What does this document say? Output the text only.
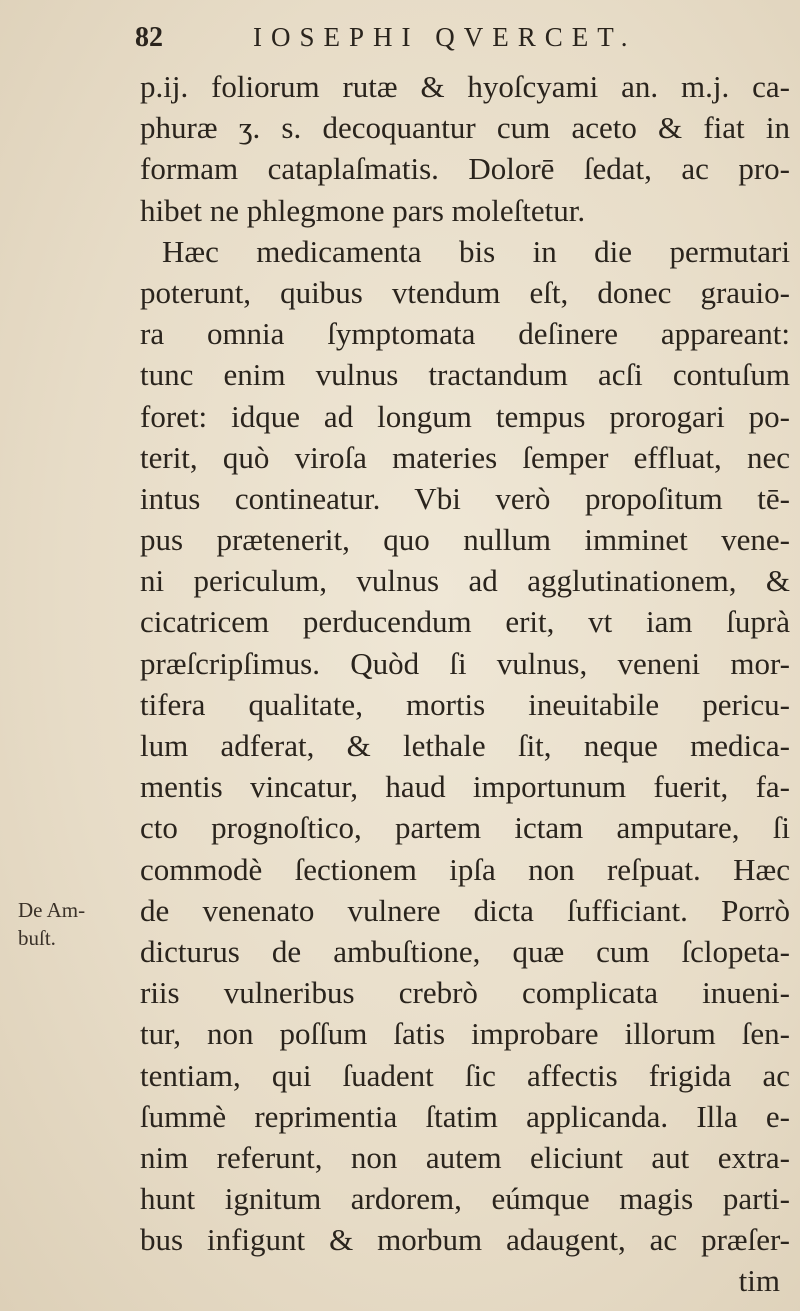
82	IOSEPHI QVERCET.
De Am-
buſt.
p.ij. foliorum rutæ & hyoſcyami an. m.j. ca-
phuræ ʒ. s. decoquantur cum aceto & fiat in
formam cataplaſmatis. Dolorē ſedat, ac pro-
hibet ne phlegmone pars moleſtetur.
Hæc medicamenta bis in die permutari
poterunt, quibus vtendum eſt, donec grauio-
ra omnia ſymptomata deſinere appareant:
tunc enim vulnus tractandum acſi contuſum
foret: idque ad longum tempus prorogari po-
terit, quò viroſa materies ſemper effluat, nec
intus contineatur. Vbi verò propoſitum tē-
pus prætenerit, quo nullum imminet vene-
ni periculum, vulnus ad agglutinationem, &
cicatricem perducendum erit, vt iam ſuprà
præſcripſimus. Quòd ſi vulnus, veneni mor-
tifera qualitate, mortis ineuitabile pericu-
lum adferat, & lethale ſit, neque medica-
mentis vincatur, haud importunum fuerit, fa-
cto prognoſtico, partem ictam amputare, ſi
commodè ſectionem ipſa non reſpuat. Hæc
de venenato vulnere dicta ſufficiant. Porrò
dicturus de ambuſtione, quæ cum ſclopeta-
riis vulneribus crebrò complicata inueni-
tur, non poſſum ſatis improbare illorum ſen-
tentiam, qui ſuadent ſic affectis frigida ac
ſummè reprimentia ſtatim applicanda. Illa e-
nim referunt, non autem eliciunt aut extra-
hunt ignitum ardorem, eúmque magis parti-
bus infigunt & morbum adaugent, ac præſer-
tim
